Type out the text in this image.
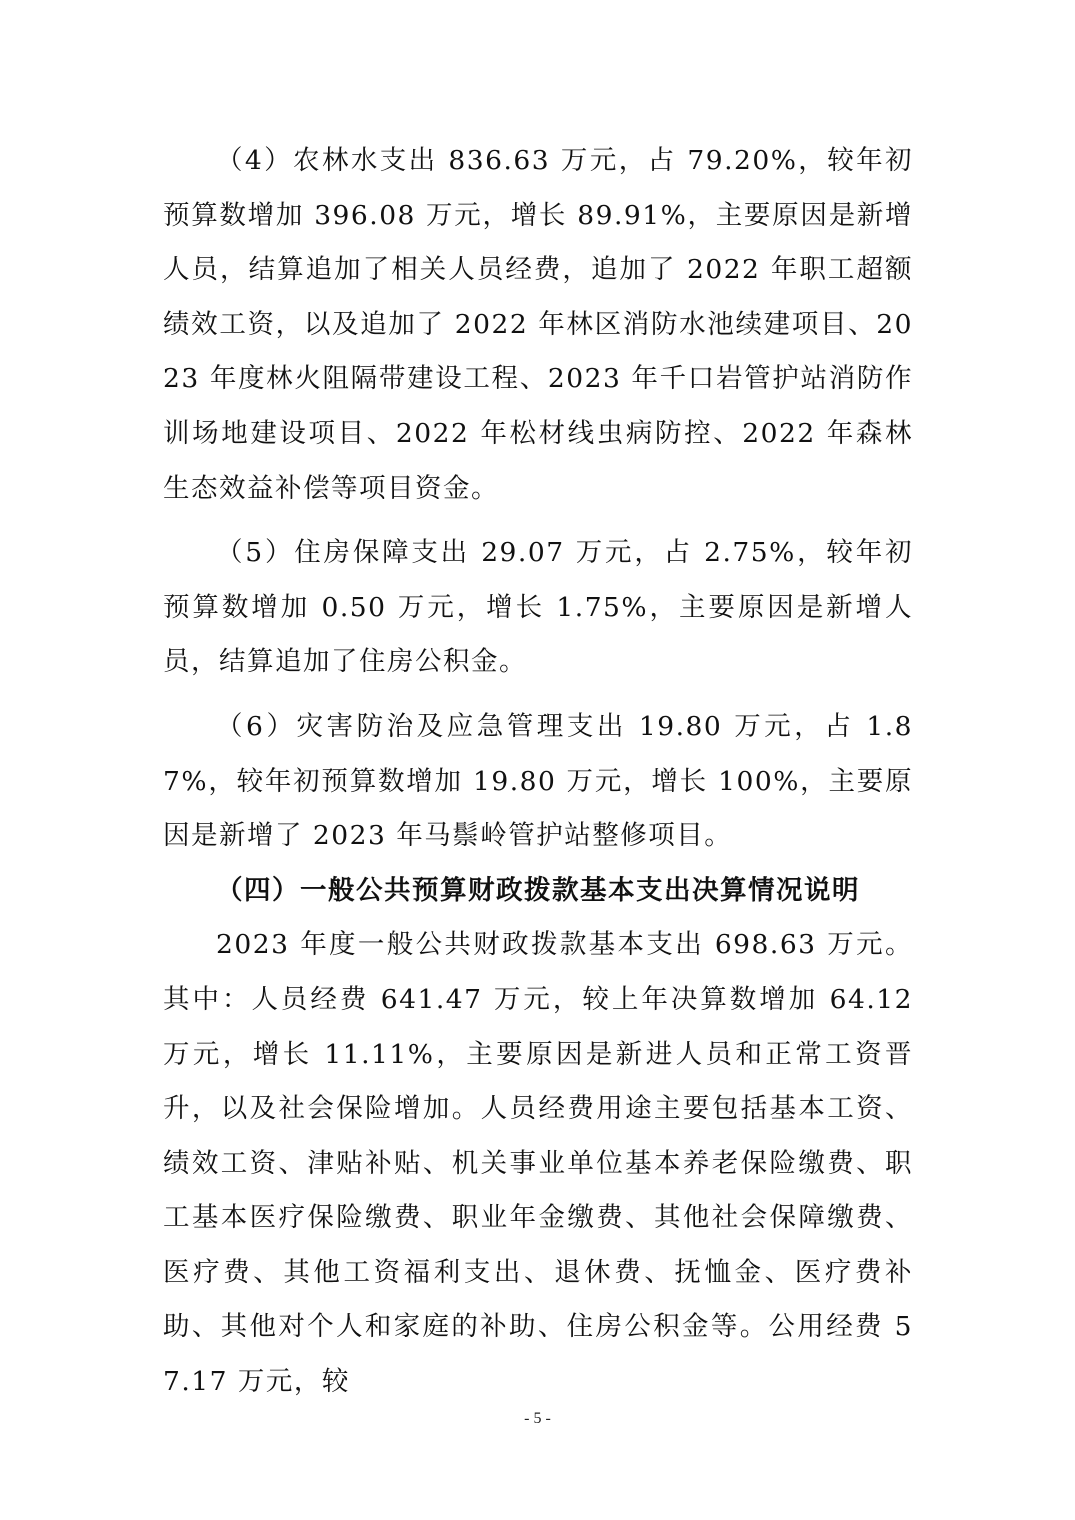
（4）农林水支出 836.63 万元，占 79.20%，较年初预算数增加 396.08 万元，增长 89.91%，主要原因是新增人员，结算追加了相关人员经费，追加了 2022 年职工超额绩效工资，以及追加了 2022 年林区消防水池续建项目、2023 年度林火阻隔带建设工程、2023 年千口岩管护站消防作训场地建设项目、2022 年松材线虫病防控、2022 年森林生态效益补偿等项目资金。

（5）住房保障支出 29.07 万元，占 2.75%，较年初预算数增加 0.50 万元，增长 1.75%，主要原因是新增人员，结算追加了住房公积金。

（6）灾害防治及应急管理支出 19.80 万元，占 1.87%，较年初预算数增加 19.80 万元，增长 100%，主要原因是新增了 2023 年马鬃岭管护站整修项目。

（四）一般公共预算财政拨款基本支出决算情况说明

2023 年度一般公共财政拨款基本支出 698.63 万元。其中：人员经费 641.47 万元，较上年决算数增加 64.12 万元，增长 11.11%，主要原因是新进人员和正常工资晋升，以及社会保险增加。人员经费用途主要包括基本工资、绩效工资、津贴补贴、机关事业单位基本养老保险缴费、职工基本医疗保险缴费、职业年金缴费、其他社会保障缴费、医疗费、其他工资福利支出、退休费、抚恤金、医疗费补助、其他对个人和家庭的补助、住房公积金等。公用经费 57.17 万元，较

- 5 -
